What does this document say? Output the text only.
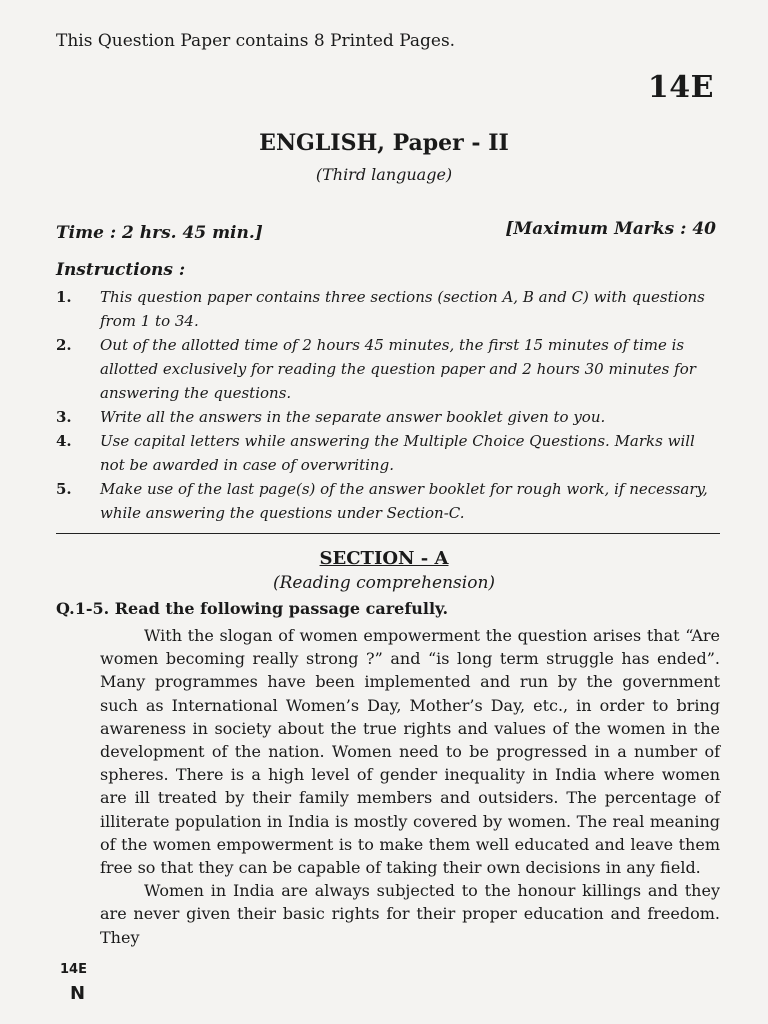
This Question Paper contains 8 Printed Pages.
14E
ENGLISH, Paper - II
(Third language)
Time : 2 hrs. 45 min.]	[Maximum Marks : 40
Instructions :
1.	This question paper contains three sections (section A, B and C) with questions from 1 to 34.
2.	Out of the allotted time of 2 hours 45 minutes, the first 15 minutes of time is allotted exclusively for reading the question paper and 2 hours 30 minutes for answering the questions.
3.	Write all the answers in the separate answer booklet given to you.
4.	Use capital letters while answering the Multiple Choice Questions. Marks will not be awarded in case of overwriting.
5.	Make use of the last page(s) of the answer booklet for rough work, if necessary, while answering the questions under Section-C.
SECTION - A
(Reading comprehension)
Q.1-5. Read the following passage carefully.

With the slogan of women empowerment the question arises that “Are women becoming really strong ?” and “is long term struggle has ended”. Many programmes have been implemented and run by the government such as International Women’s Day, Mother’s Day, etc., in order to bring awareness in society about the true rights and values of the women in the development of the nation. Women need to be progressed in a number of spheres. There is a high level of gender inequality in India where women are ill treated by their family members and outsiders. The percentage of illiterate population in India is mostly covered by women. The real meaning of the women empowerment is to make them well educated and leave them free so that they can be capable of taking their own decisions in any field.

Women in India are always subjected to the honour killings and they are never given their basic rights for their proper education and freedom. They

14E
N
